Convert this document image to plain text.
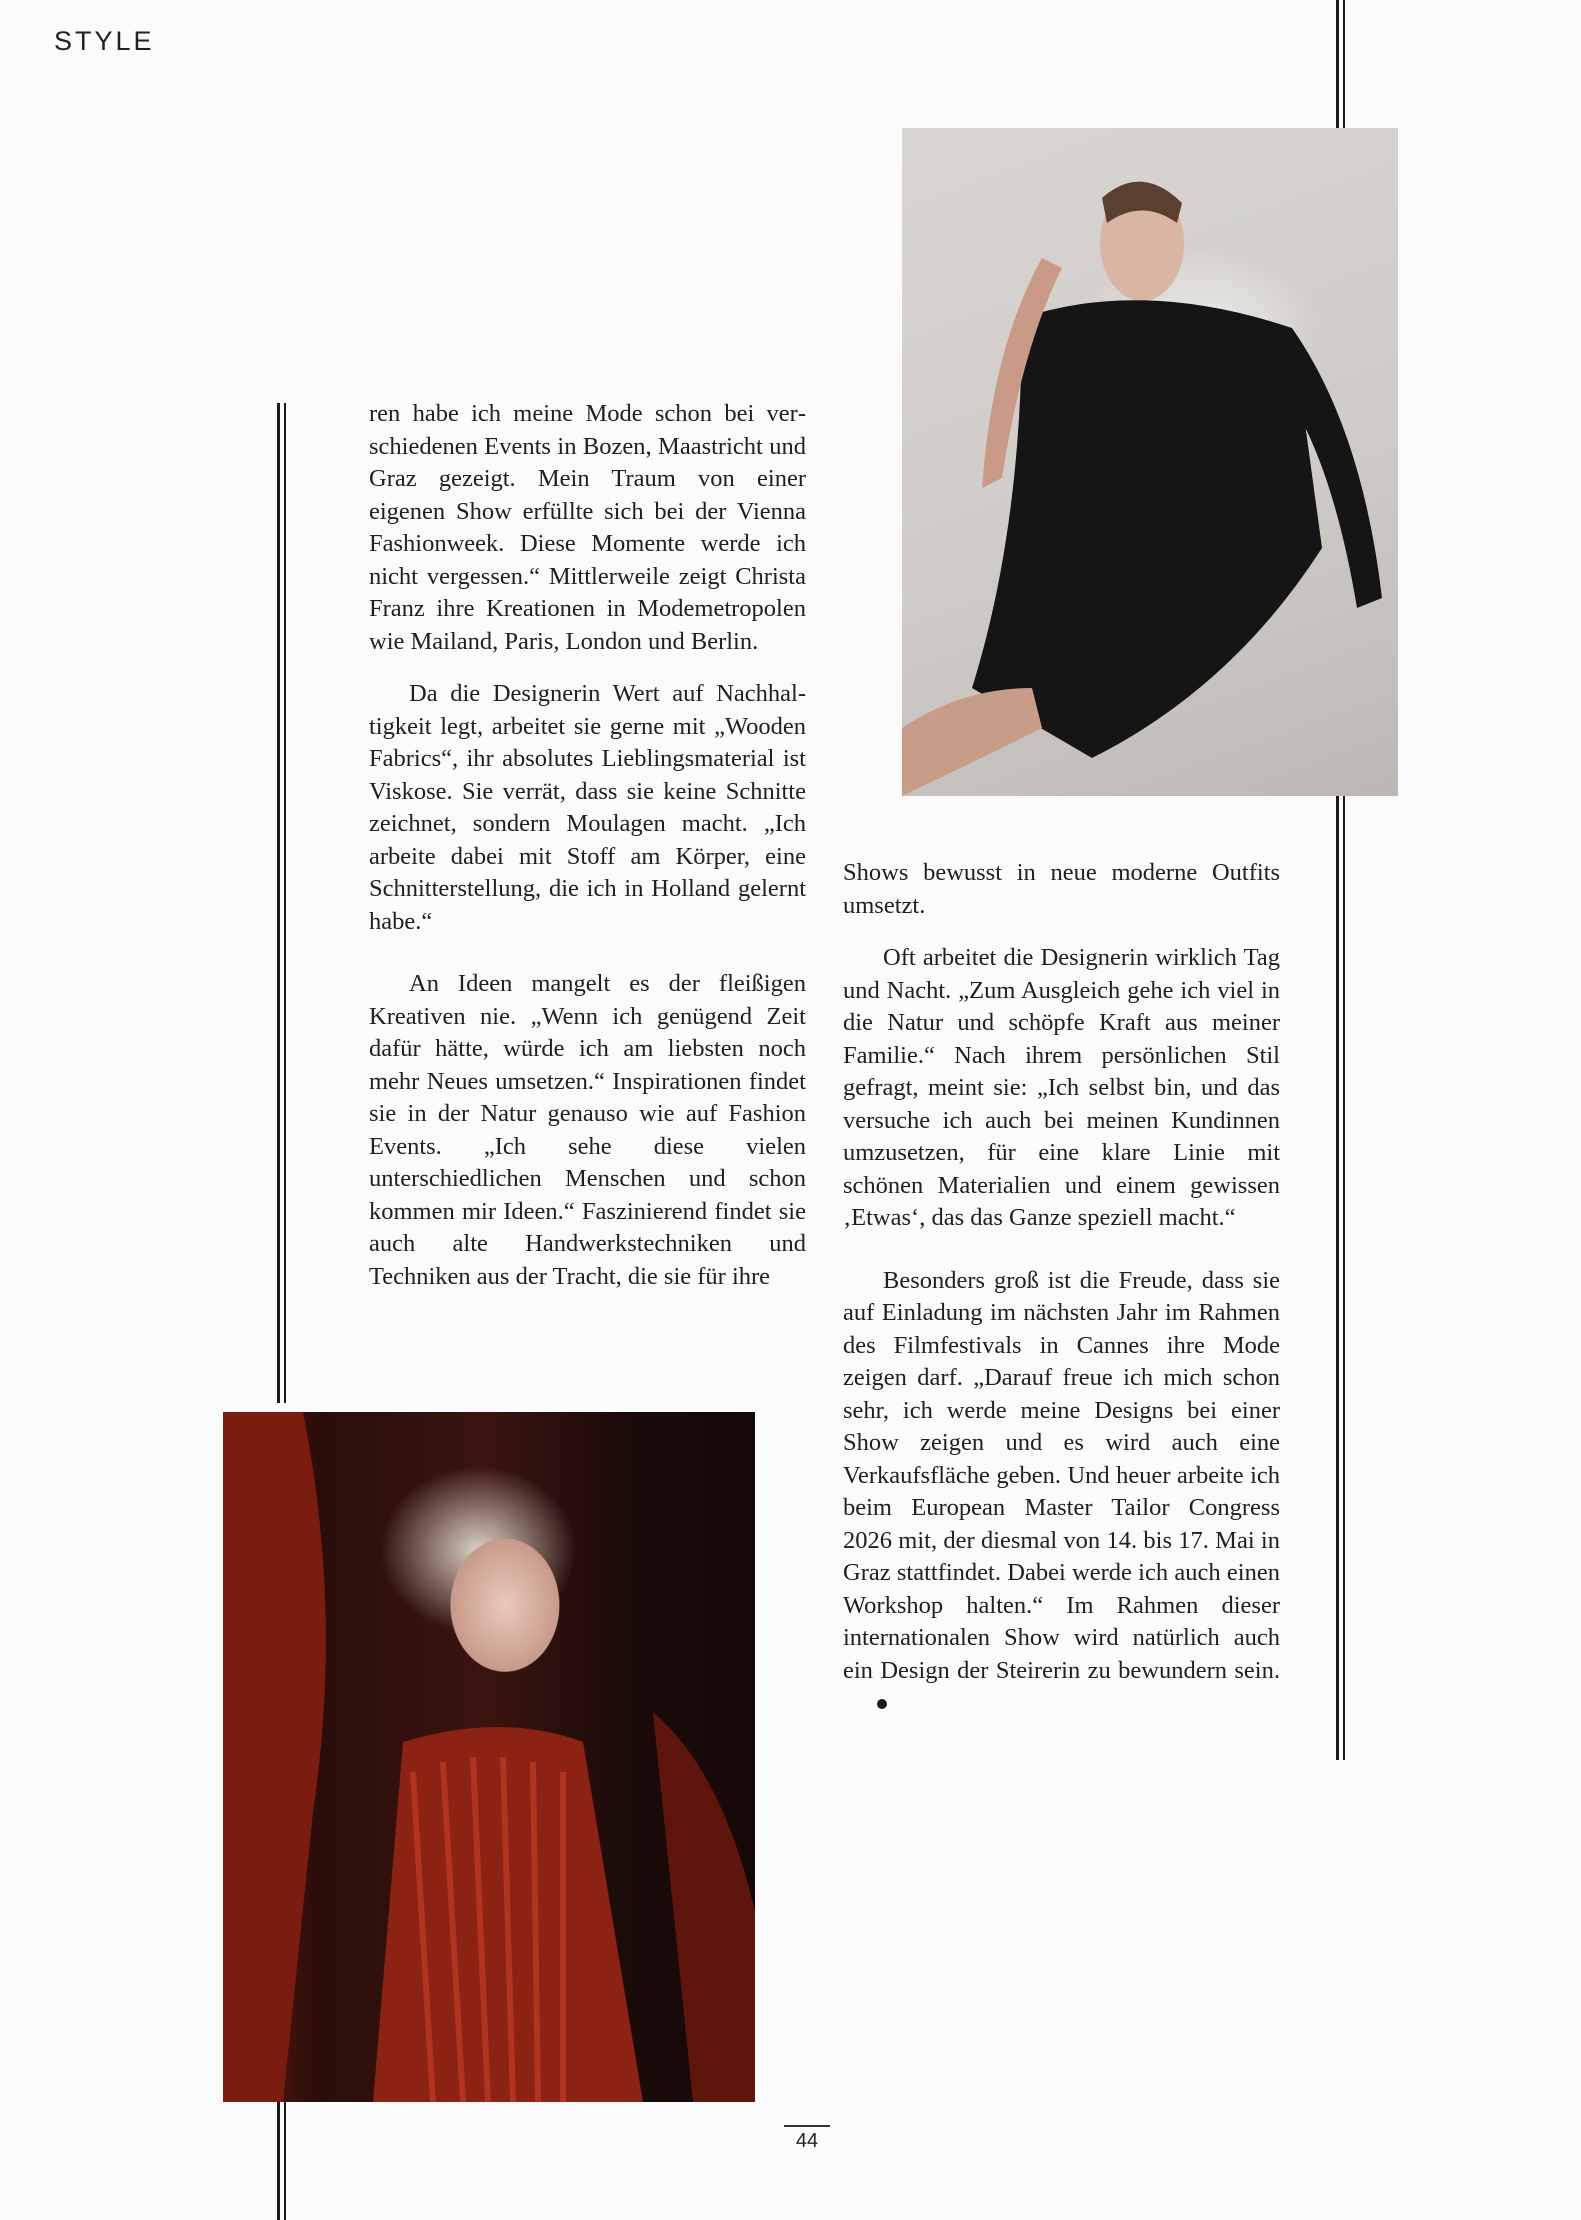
STYLE

ren habe ich meine Mode schon bei verschiedenen Events in Bozen, Maastricht und Graz gezeigt. Mein Traum von einer eigenen Show erfüllte sich bei der Vienna Fashionweek. Diese Momente werde ich nicht vergessen.“ Mittlerweile zeigt Christa Franz ihre Kreationen in Modemetropolen wie Mailand, Paris, London und Berlin.

Da die Designerin Wert auf Nachhaltigkeit legt, arbeitet sie gerne mit „Wooden Fabrics“, ihr absolutes Lieblingsmaterial ist Viskose. Sie verrät, dass sie keine Schnitte zeichnet, sondern Moulagen macht. „Ich arbeite dabei mit Stoff am Körper, eine Schnitterstellung, die ich in Holland gelernt habe.“

An Ideen mangelt es der fleißigen Kreativen nie. „Wenn ich genügend Zeit dafür hätte, würde ich am liebsten noch mehr Neues umsetzen.“ Inspirationen findet sie in der Natur genauso wie auf Fashion Events. „Ich sehe diese vielen unterschiedlichen Menschen und schon kommen mir Ideen.“ Faszinierend findet sie auch alte Handwerkstechniken und Techniken aus der Tracht, die sie für ihre

Shows bewusst in neue moderne Outfits umsetzt.

Oft arbeitet die Designerin wirklich Tag und Nacht. „Zum Ausgleich gehe ich viel in die Natur und schöpfe Kraft aus meiner Familie.“ Nach ihrem persönlichen Stil gefragt, meint sie: „Ich selbst bin, und das versuche ich auch bei meinen Kundinnen umzusetzen, für eine klare Linie mit schönen Materialien und einem gewissen ‚Etwas‘, das das Ganze speziell macht.“

Besonders groß ist die Freude, dass sie auf Einladung im nächsten Jahr im Rahmen des Filmfestivals in Cannes ihre Mode zeigen darf. „Darauf freue ich mich schon sehr, ich werde meine Designs bei einer Show zeigen und es wird auch eine Verkaufsfläche geben. Und heuer arbeite ich beim European Master Tailor Congress 2026 mit, der diesmal von 14. bis 17. Mai in Graz stattfindet. Dabei werde ich auch einen Workshop halten.“ Im Rahmen dieser internationalen Show wird natürlich auch ein Design der Steirerin zu bewundern sein.

44
